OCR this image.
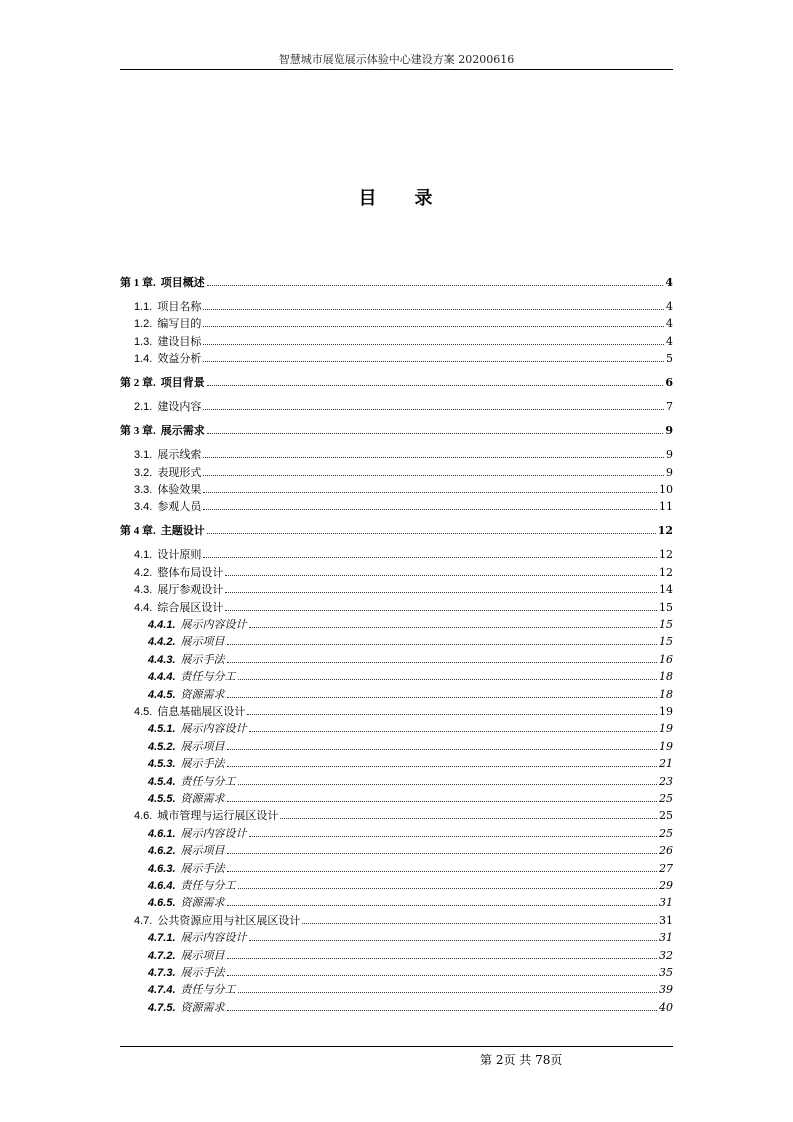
智慧城市展览展示体验中心建设方案 20200616
目 录
第 1 章. 项目概述	4
1.1. 项目名称	4
1.2. 编写目的	4
1.3. 建设目标	4
1.4. 效益分析	5
第 2 章. 项目背景	6
2.1. 建设内容	7
第 3 章. 展示需求	9
3.1. 展示线索	9
3.2. 表现形式	9
3.3. 体验效果	10
3.4. 参观人员	11
第 4 章. 主题设计	12
4.1. 设计原则	12
4.2. 整体布局设计	12
4.3. 展厅参观设计	14
4.4. 综合展区设计	15
4.4.1. 展示内容设计	15
4.4.2. 展示项目	15
4.4.3. 展示手法	16
4.4.4. 责任与分工	18
4.4.5. 资源需求	18
4.5. 信息基础展区设计	19
4.5.1. 展示内容设计	19
4.5.2. 展示项目	19
4.5.3. 展示手法	21
4.5.4. 责任与分工	23
4.5.5. 资源需求	25
4.6. 城市管理与运行展区设计	25
4.6.1. 展示内容设计	25
4.6.2. 展示项目	26
4.6.3. 展示手法	27
4.6.4. 责任与分工	29
4.6.5. 资源需求	31
4.7. 公共资源应用与社区展区设计	31
4.7.1. 展示内容设计	31
4.7.2. 展示项目	32
4.7.3. 展示手法	35
4.7.4. 责任与分工	39
4.7.5. 资源需求	40
第 2页 共 78页
